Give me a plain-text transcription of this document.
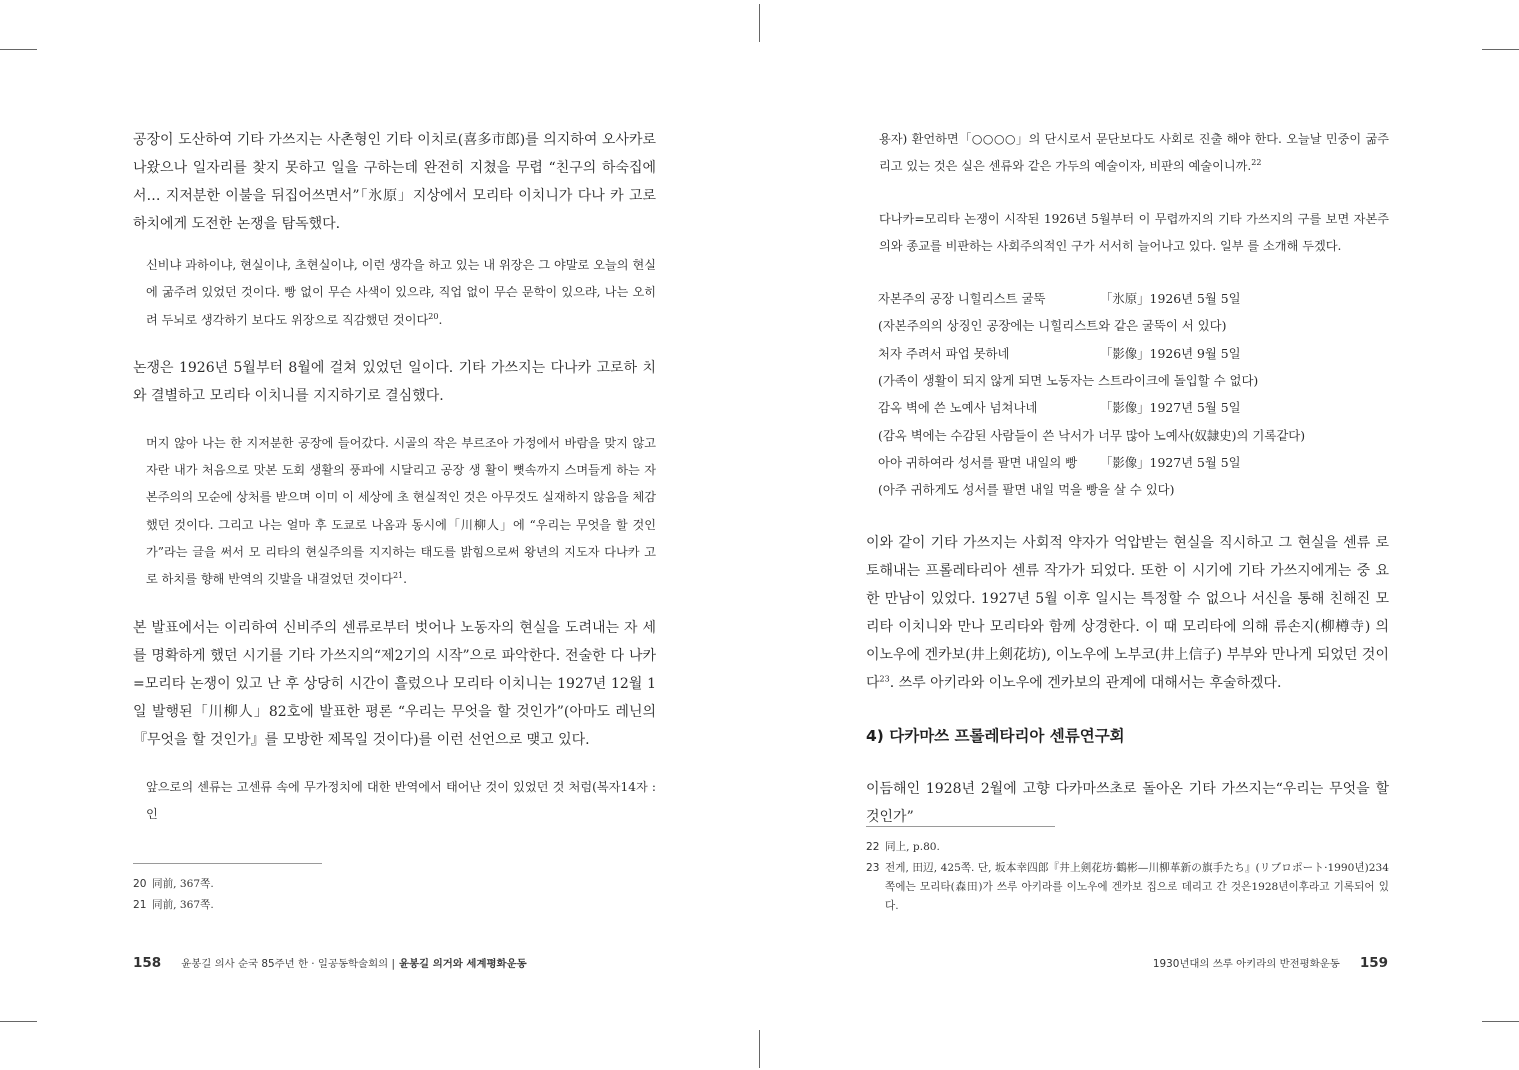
공장이 도산하여 기타 가쓰지는 사촌형인 기타 이치로(喜多市郎)를 의지하여 오사카로 나왔으나 일자리를 찾지 못하고 일을 구하는데 완전히 지쳤을 무렵 “친구의 하숙집에서… 지저분한 이불을 뒤집어쓰면서”「氷原」지상에서 모리타 이치니가 다나 카 고로하치에게 도전한 논쟁을 탐독했다.

신비냐 과하이냐, 현실이냐, 초현실이냐, 이런 생각을 하고 있는 내 위장은 그 야말로 오늘의 현실에 굶주려 있었던 것이다. 빵 없이 무슨 사색이 있으랴, 직업 없이 무슨 문학이 있으랴, 나는 오히려 두뇌로 생각하기 보다도 위장으로 직감했던 것이다$^{20}$.

논쟁은 1926년 5월부터 8월에 걸쳐 있었던 일이다. 기타 가쓰지는 다나카 고로하 치와 결별하고 모리타 이치니를 지지하기로 결심했다.

머지 않아 나는 한 지저분한 공장에 들어갔다. 시골의 작은 부르조아 가정에서 바람을 맞지 않고 자란 내가 처음으로 맛본 도회 생활의 풍파에 시달리고 공장 생 활이 뼛속까지 스며들게 하는 자본주의의 모순에 상처를 받으며 이미 이 세상에 초 현실적인 것은 아무것도 실재하지 않음을 체감했던 것이다. 그리고 나는 얼마 후 도쿄로 나옴과 동시에「川柳人」에 “우리는 무엇을 할 것인가”라는 글을 써서 모 리타의 현실주의를 지지하는 태도를 밝힘으로써 왕년의 지도자 다나카 고로 하치를 향해 반역의 깃발을 내걸었던 것이다$^{21}$.

본 발표에서는 이리하여 신비주의 센류로부터 벗어나 노동자의 현실을 도려내는 자 세를 명확하게 했던 시기를 기타 가쓰지의“제2기의 시작”으로 파악한다. 전술한 다 나카=모리타 논쟁이 있고 난 후 상당히 시간이 흘렀으나 모리타 이치니는 1927년 12월 1일 발행된「川柳人」82호에 발표한 평론 “우리는 무엇을 할 것인가”(아마도 레닌의『무엇을 할 것인가』를 모방한 제목일 것이다)를 이런 선언으로 맺고 있다.

앞으로의 센류는 고센류 속에 무가정치에 대한 반역에서 태어난 것이 있었던 것 처럼(복자14자 : 인

20 同前, 367쪽.
21 同前, 367쪽.
158 윤봉길 의사 순국 85주년 한 · 일공동학술회의 | 윤봉길 의거와 세계평화운동

용자) 환언하면「○○○○」의 단시로서 문단보다도 사회로 진출 해야 한다. 오늘날 민중이 굶주리고 있는 것은 실은 센류와 같은 가두의 예술이자, 비판의 예술이니까.$^{22}$

다나카=모리타 논쟁이 시작된 1926년 5월부터 이 무렵까지의 기타 가쓰지의 구를 보면 자본주의와 종교를 비판하는 사회주의적인 구가 서서히 늘어나고 있다. 일부 를 소개해 두겠다.

자본주의 공장 니힐리스트 굴뚝	「氷原」1926년 5월 5일
(자본주의의 상징인 공장에는 니힐리스트와 같은 굴뚝이 서 있다)
처자 주려서 파업 못하네	「影像」1926년 9월 5일
(가족이 생활이 되지 않게 되면 노동자는 스트라이크에 돌입할 수 없다)
감옥 벽에 쓴 노예사 넘쳐나네	「影像」1927년 5월 5일
(감옥 벽에는 수감된 사람들이 쓴 낙서가 너무 많아 노예사(奴隷史)의 기록같다)
아아 귀하여라 성서를 팔면 내일의 빵	「影像」1927년 5월 5일
(아주 귀하게도 성서를 팔면 내일 먹을 빵을 살 수 있다)

이와 같이 기타 가쓰지는 사회적 약자가 억압받는 현실을 직시하고 그 현실을 센류 로 토해내는 프롤레타리아 센류 작가가 되었다. 또한 이 시기에 기타 가쓰지에게는 중 요한 만남이 있었다. 1927년 5월 이후 일시는 특정할 수 없으나 서신을 통해 친해진 모리타 이치니와 만나 모리타와 함께 상경한다. 이 때 모리타에 의해 류손지(柳樽寺) 의 이노우에 겐카보(井上剣花坊), 이노우에 노부코(井上信子) 부부와 만나게 되었던 것이다$^{23}$. 쓰루 아키라와 이노우에 겐카보의 관계에 대해서는 후술하겠다.

4) 다카마쓰 프롤레타리아 센류연구회

이듬해인 1928년 2월에 고향 다카마쓰초로 돌아온 기타 가쓰지는“우리는 무엇을 할 것인가”

22 同上, p.80.
23 전게, 田辺, 425쪽. 단, 坂本幸四郎『井上剣花坊·鶴彬—川柳革新の旗手たち』(リブロポート·1990년)234쪽에는 모리타(森田)가 쓰루 아키라를 이노우에 겐카보 집으로 데리고 간 것은1928년이후라고 기록되어 있다.
1930년대의 쓰루 아키라의 반전평화운동 159
